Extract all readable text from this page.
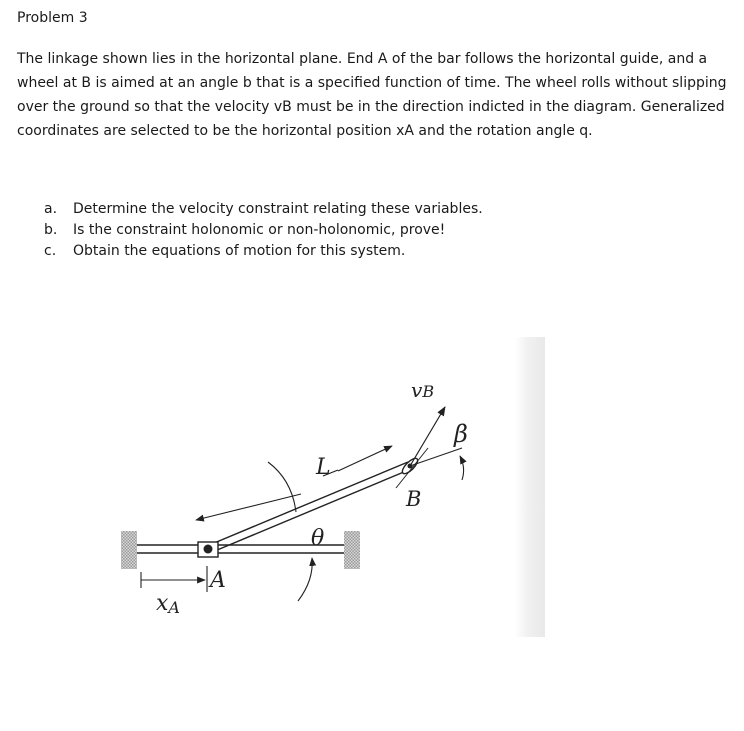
Problem 3
The linkage shown lies in the horizontal plane. End A of the bar follows the horizontal guide, and a wheel at B is aimed at an angle b that is a specified function of time. The wheel rolls without slipping over the ground so that the velocity vB must be in the direction indicted in the diagram. Generalized coordinates are selected to be the horizontal position xA and the rotation angle q.
a.	Determine the velocity constraint relating these variables.
b.	Is the constraint holonomic or non-holonomic, prove!
c.	Obtain the equations of motion for this system.
vB
β
L
θ
B
A
xA
